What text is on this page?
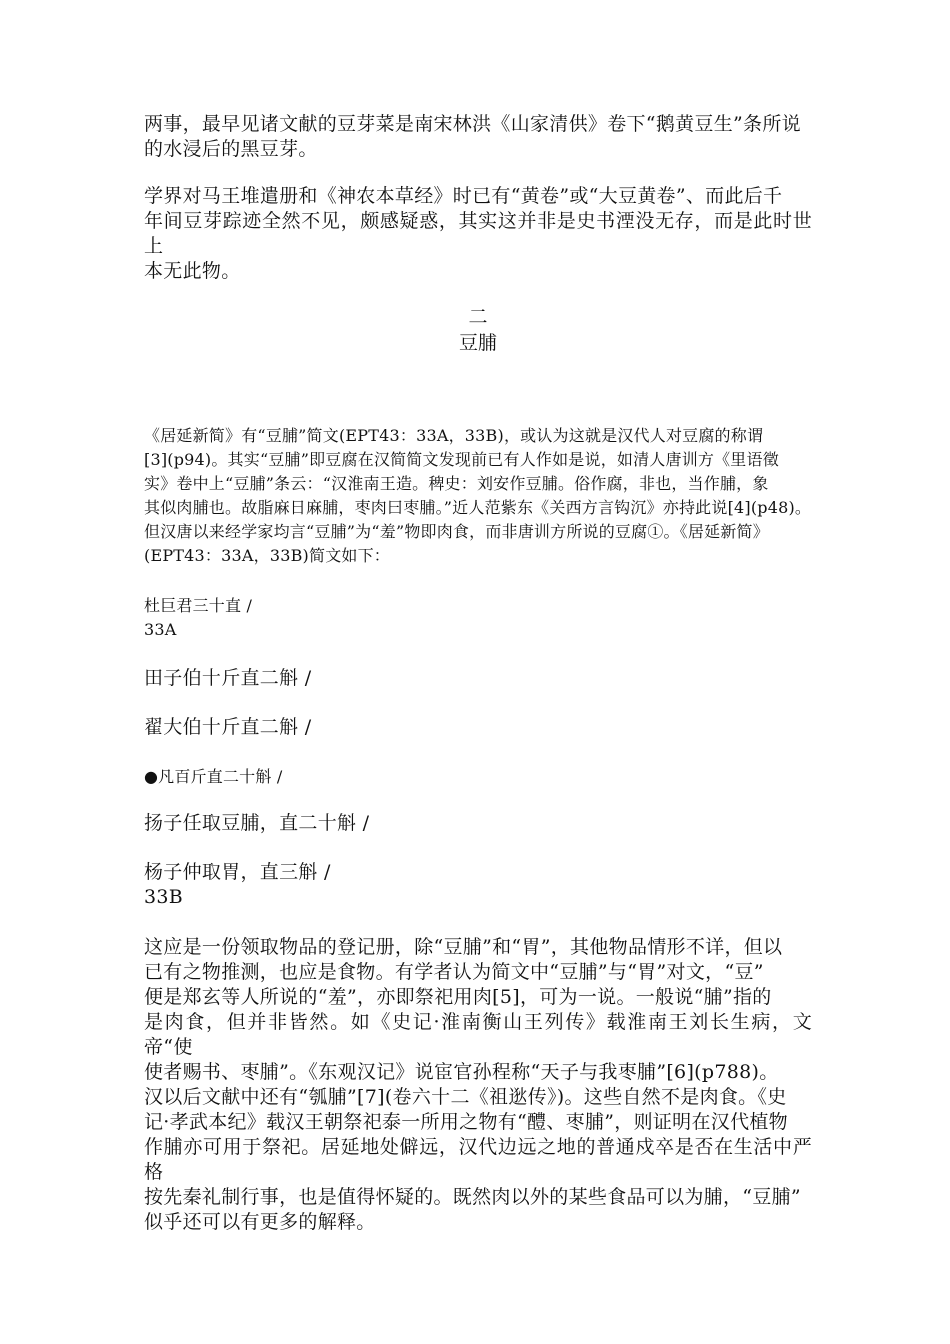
两事，最早见诸文献的豆芽菜是南宋林洪《山家清供》卷下“鹅黄豆生”条所说
的水浸后的黑豆芽。

学界对马王堆遣册和《神农本草经》时已有“黄卷”或“大豆黄卷”、而此后千
年间豆芽踪迹全然不见，颇感疑惑，其实这并非是史书湮没无存，而是此时世上
本无此物。

二

豆脯

《居延新简》有“豆脯”简文(EPT43：33A，33B)，或认为这就是汉代人对豆腐的称谓
[3](p94)。其实“豆脯”即豆腐在汉简简文发现前已有人作如是说，如清人唐训方《里语徵
实》卷中上“豆脯”条云：“汉淮南王造。稗史：刘安作豆脯。俗作腐，非也，当作脯，象
其似肉脯也。故脂麻日麻脯，枣肉曰枣脯。”近人范紫东《关西方言钩沉》亦持此说[4](p48)。
但汉唐以来经学家均言“豆脯”为“羞”物即肉食，而非唐训方所说的豆腐①。《居延新简》
(EPT43：33A，33B)简文如下：

杜巨君三十直 /
33A

田子伯十斤直二斛 /

翟大伯十斤直二斛 /

●凡百斤直二十斛 /

扬子任取豆脯，直二十斛 /

杨子仲取胃，直三斛 /
33B

这应是一份领取物品的登记册，除“豆脯”和“胃”，其他物品情形不详，但以
已有之物推测，也应是食物。有学者认为简文中“豆脯”与“胃”对文，“豆”
便是郑玄等人所说的“羞”，亦即祭祀用肉[5]，可为一说。一般说“脯”指的
是肉食，但并非皆然。如《史记·淮南衡山王列传》载淮南王刘长生病，文帝“使
使者赐书、枣脯”。《东观汉记》说宦官孙程称“天子与我枣脯”[6](p788)。
汉以后文献中还有“瓠脯”[7](卷六十二《祖逖传》)。这些自然不是肉食。《史
记·孝武本纪》载汉王朝祭祀泰一所用之物有“醴、枣脯”，则证明在汉代植物
作脯亦可用于祭祀。居延地处僻远，汉代边远之地的普通戍卒是否在生活中严格
按先秦礼制行事，也是值得怀疑的。既然肉以外的某些食品可以为脯，“豆脯”
似乎还可以有更多的解释。
